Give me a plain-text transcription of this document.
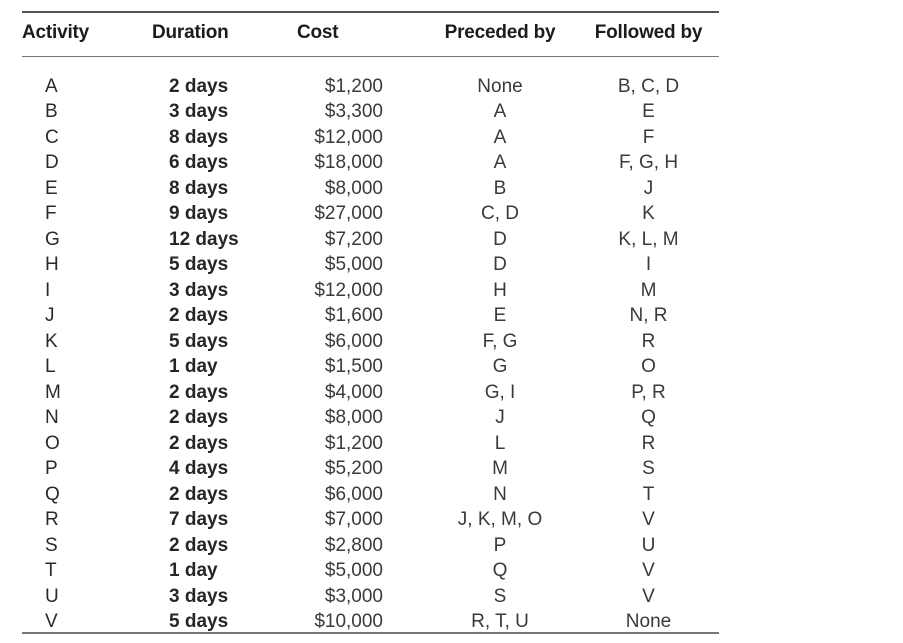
Activity	Duration	Cost	Preceded by	Followed by

A	2 days	$1,200	None	B, C, D
B	3 days	$3,300	A	E
C	8 days	$12,000	A	F
D	6 days	$18,000	A	F, G, H
E	8 days	$8,000	B	J
F	9 days	$27,000	C, D	K
G	12 days	$7,200	D	K, L, M
H	5 days	$5,000	D	I
I	3 days	$12,000	H	M
J	2 days	$1,600	E	N, R
K	5 days	$6,000	F, G	R
L	1 day	$1,500	G	O
M	2 days	$4,000	G, I	P, R
N	2 days	$8,000	J	Q
O	2 days	$1,200	L	R
P	4 days	$5,200	M	S
Q	2 days	$6,000	N	T
R	7 days	$7,000	J, K, M, O	V
S	2 days	$2,800	P	U
T	1 day	$5,000	Q	V
U	3 days	$3,000	S	V
V	5 days	$10,000	R, T, U	None
